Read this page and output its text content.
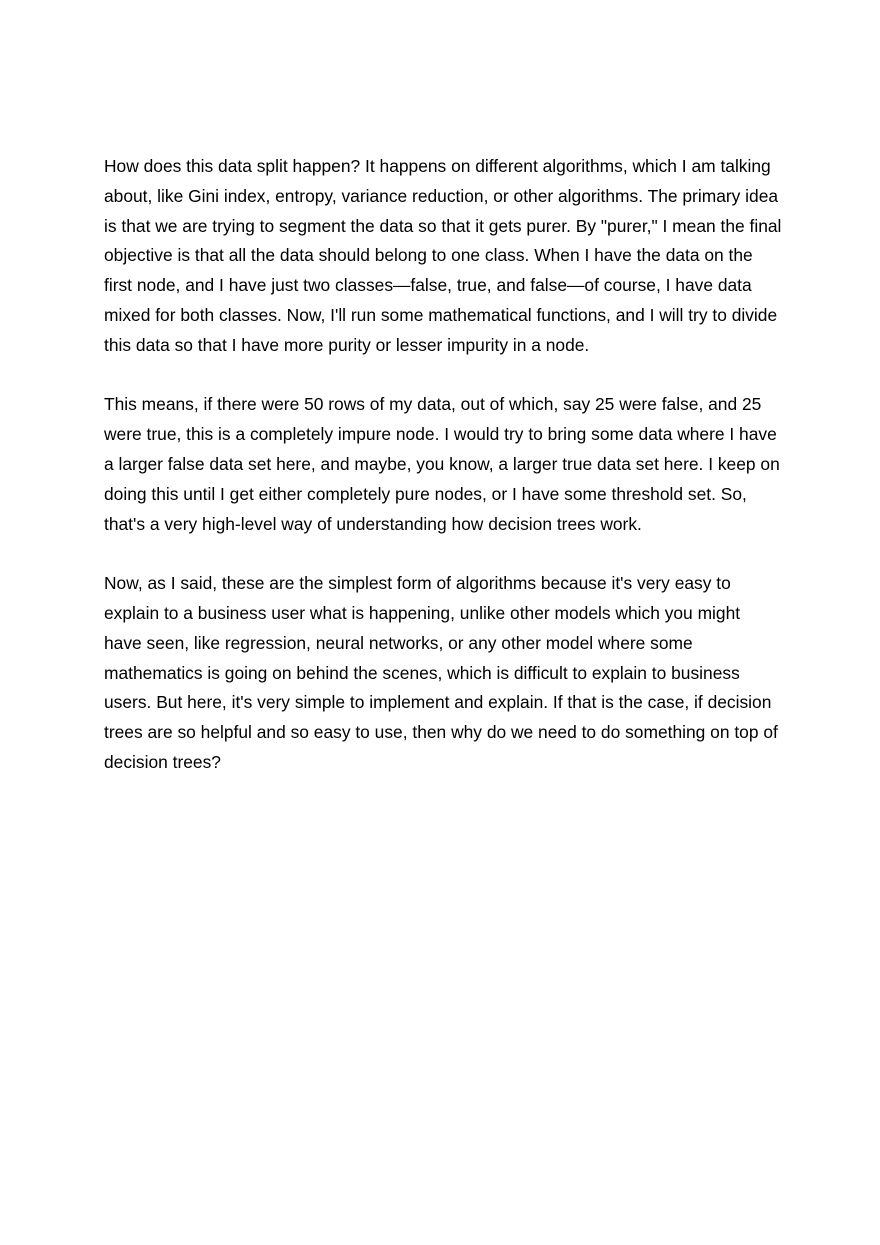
How does this data split happen? It happens on different algorithms, which I am talking
about, like Gini index, entropy, variance reduction, or other algorithms. The primary idea
is that we are trying to segment the data so that it gets purer. By "purer," I mean the final
objective is that all the data should belong to one class. When I have the data on the
first node, and I have just two classes—false, true, and false—of course, I have data
mixed for both classes. Now, I'll run some mathematical functions, and I will try to divide
this data so that I have more purity or lesser impurity in a node.

This means, if there were 50 rows of my data, out of which, say 25 were false, and 25
were true, this is a completely impure node. I would try to bring some data where I have
a larger false data set here, and maybe, you know, a larger true data set here. I keep on
doing this until I get either completely pure nodes, or I have some threshold set. So,
that's a very high-level way of understanding how decision trees work.

Now, as I said, these are the simplest form of algorithms because it's very easy to
explain to a business user what is happening, unlike other models which you might
have seen, like regression, neural networks, or any other model where some
mathematics is going on behind the scenes, which is difficult to explain to business
users. But here, it's very simple to implement and explain. If that is the case, if decision
trees are so helpful and so easy to use, then why do we need to do something on top of
decision trees?
